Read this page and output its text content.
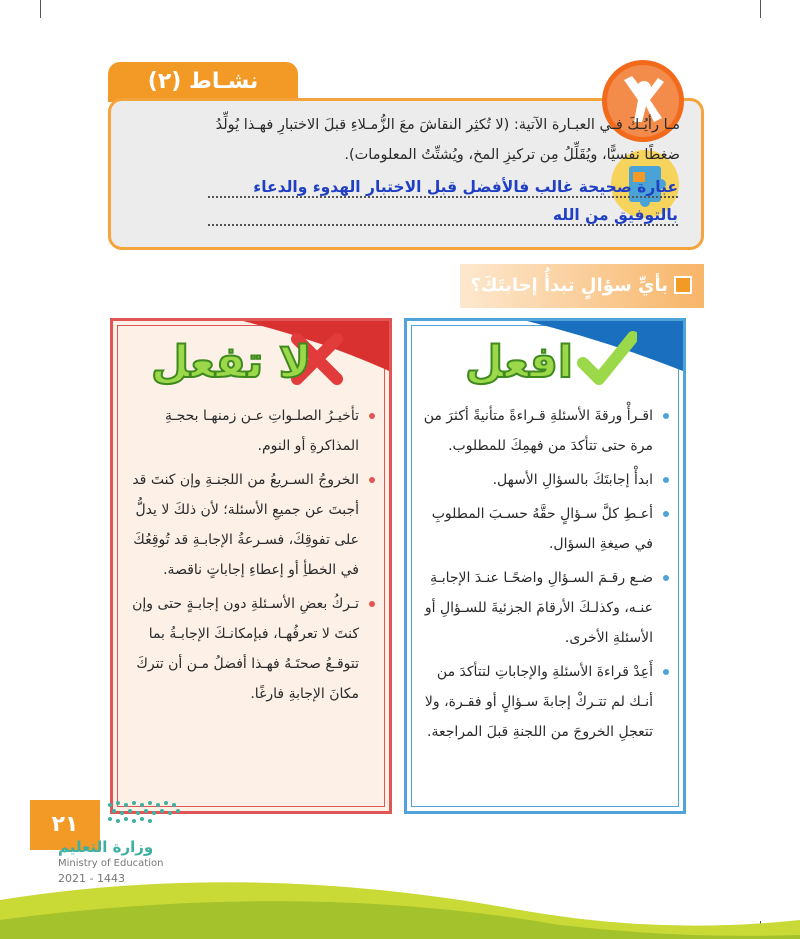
نشـاط (٢)
مـا رأيُـكَ فـي العبـارة الآتية: (لا تُكثِر النقاشَ معَ الزُّمـلاءِ قبلَ الاختبارِ فهـذا يُولِّدُ ضغطًا نفسيًّا، ويُقَلِّلُ مِن تركيزِ المخ، ويُشتِّتُ المعلومات).
عبارة صحيحة غالب فالأفضل قبل الاختبار الهدوء والدعاء
بالتوفيق من الله
بأيِّ سؤالٍ تبدأُ إجابتَكَ؟
افعل
اقـرأْ ورقةَ الأسئلةِ قـراءةً متأنيةً أكثرَ من مرة حتى تتأكدَ من فهمِكَ للمطلوب.
ابدأْ إجابتَكَ بالسؤالِ الأسهل.
أعـطِ كلَّ سـؤالٍ حقَّهُ حسـبَ المطلوبِ في صيغةِ السؤال.
ضـع رقـمَ السـؤالِ واضحًـا عنـدَ الإجابـةِ عنـه، وكذلـكَ الأرقامَ الجزئيةَ للسـؤالِ أو الأسئلةِ الأخرى.
أَعِدْ قراءةَ الأسئلةِ والإجاباتِ لتتأكدَ من أنـك لم تتـركْ إجابةَ سـؤالٍ أو فقـرة، ولا تتعجلِ الخروجَ من اللجنةِ قبلَ المراجعة.
لا تفعل
تأخيـرُ الصلـواتِ عـن زمنهـا بحجـةِ المذاكرةِ أو النوم.
الخروجُ السـريعُ من اللجنـةِ وإن كنتَ قد أجبتَ عن جميعِ الأسئلة؛ لأن ذلكَ لا يدلُّ على تفوقِكَ، فسـرعةُ الإجابـةِ قد تُوقِعُكَ في الخطأِ أو إعطاءِ إجاباتٍ ناقصة.
تـركُ بعضِ الأسـئلةِ دون إجابـةٍ حتى وإن كنتَ لا تعرفُهـا، فبإمكانـكَ الإجابـةُ بما تتوقـعُ صحتَـهُ فهـذا أفضلُ مـن أن تتركَ مكانَ الإجابةِ فارغًا.
٢١
وزارة التعليم
Ministry of Education
2021 - 1443
